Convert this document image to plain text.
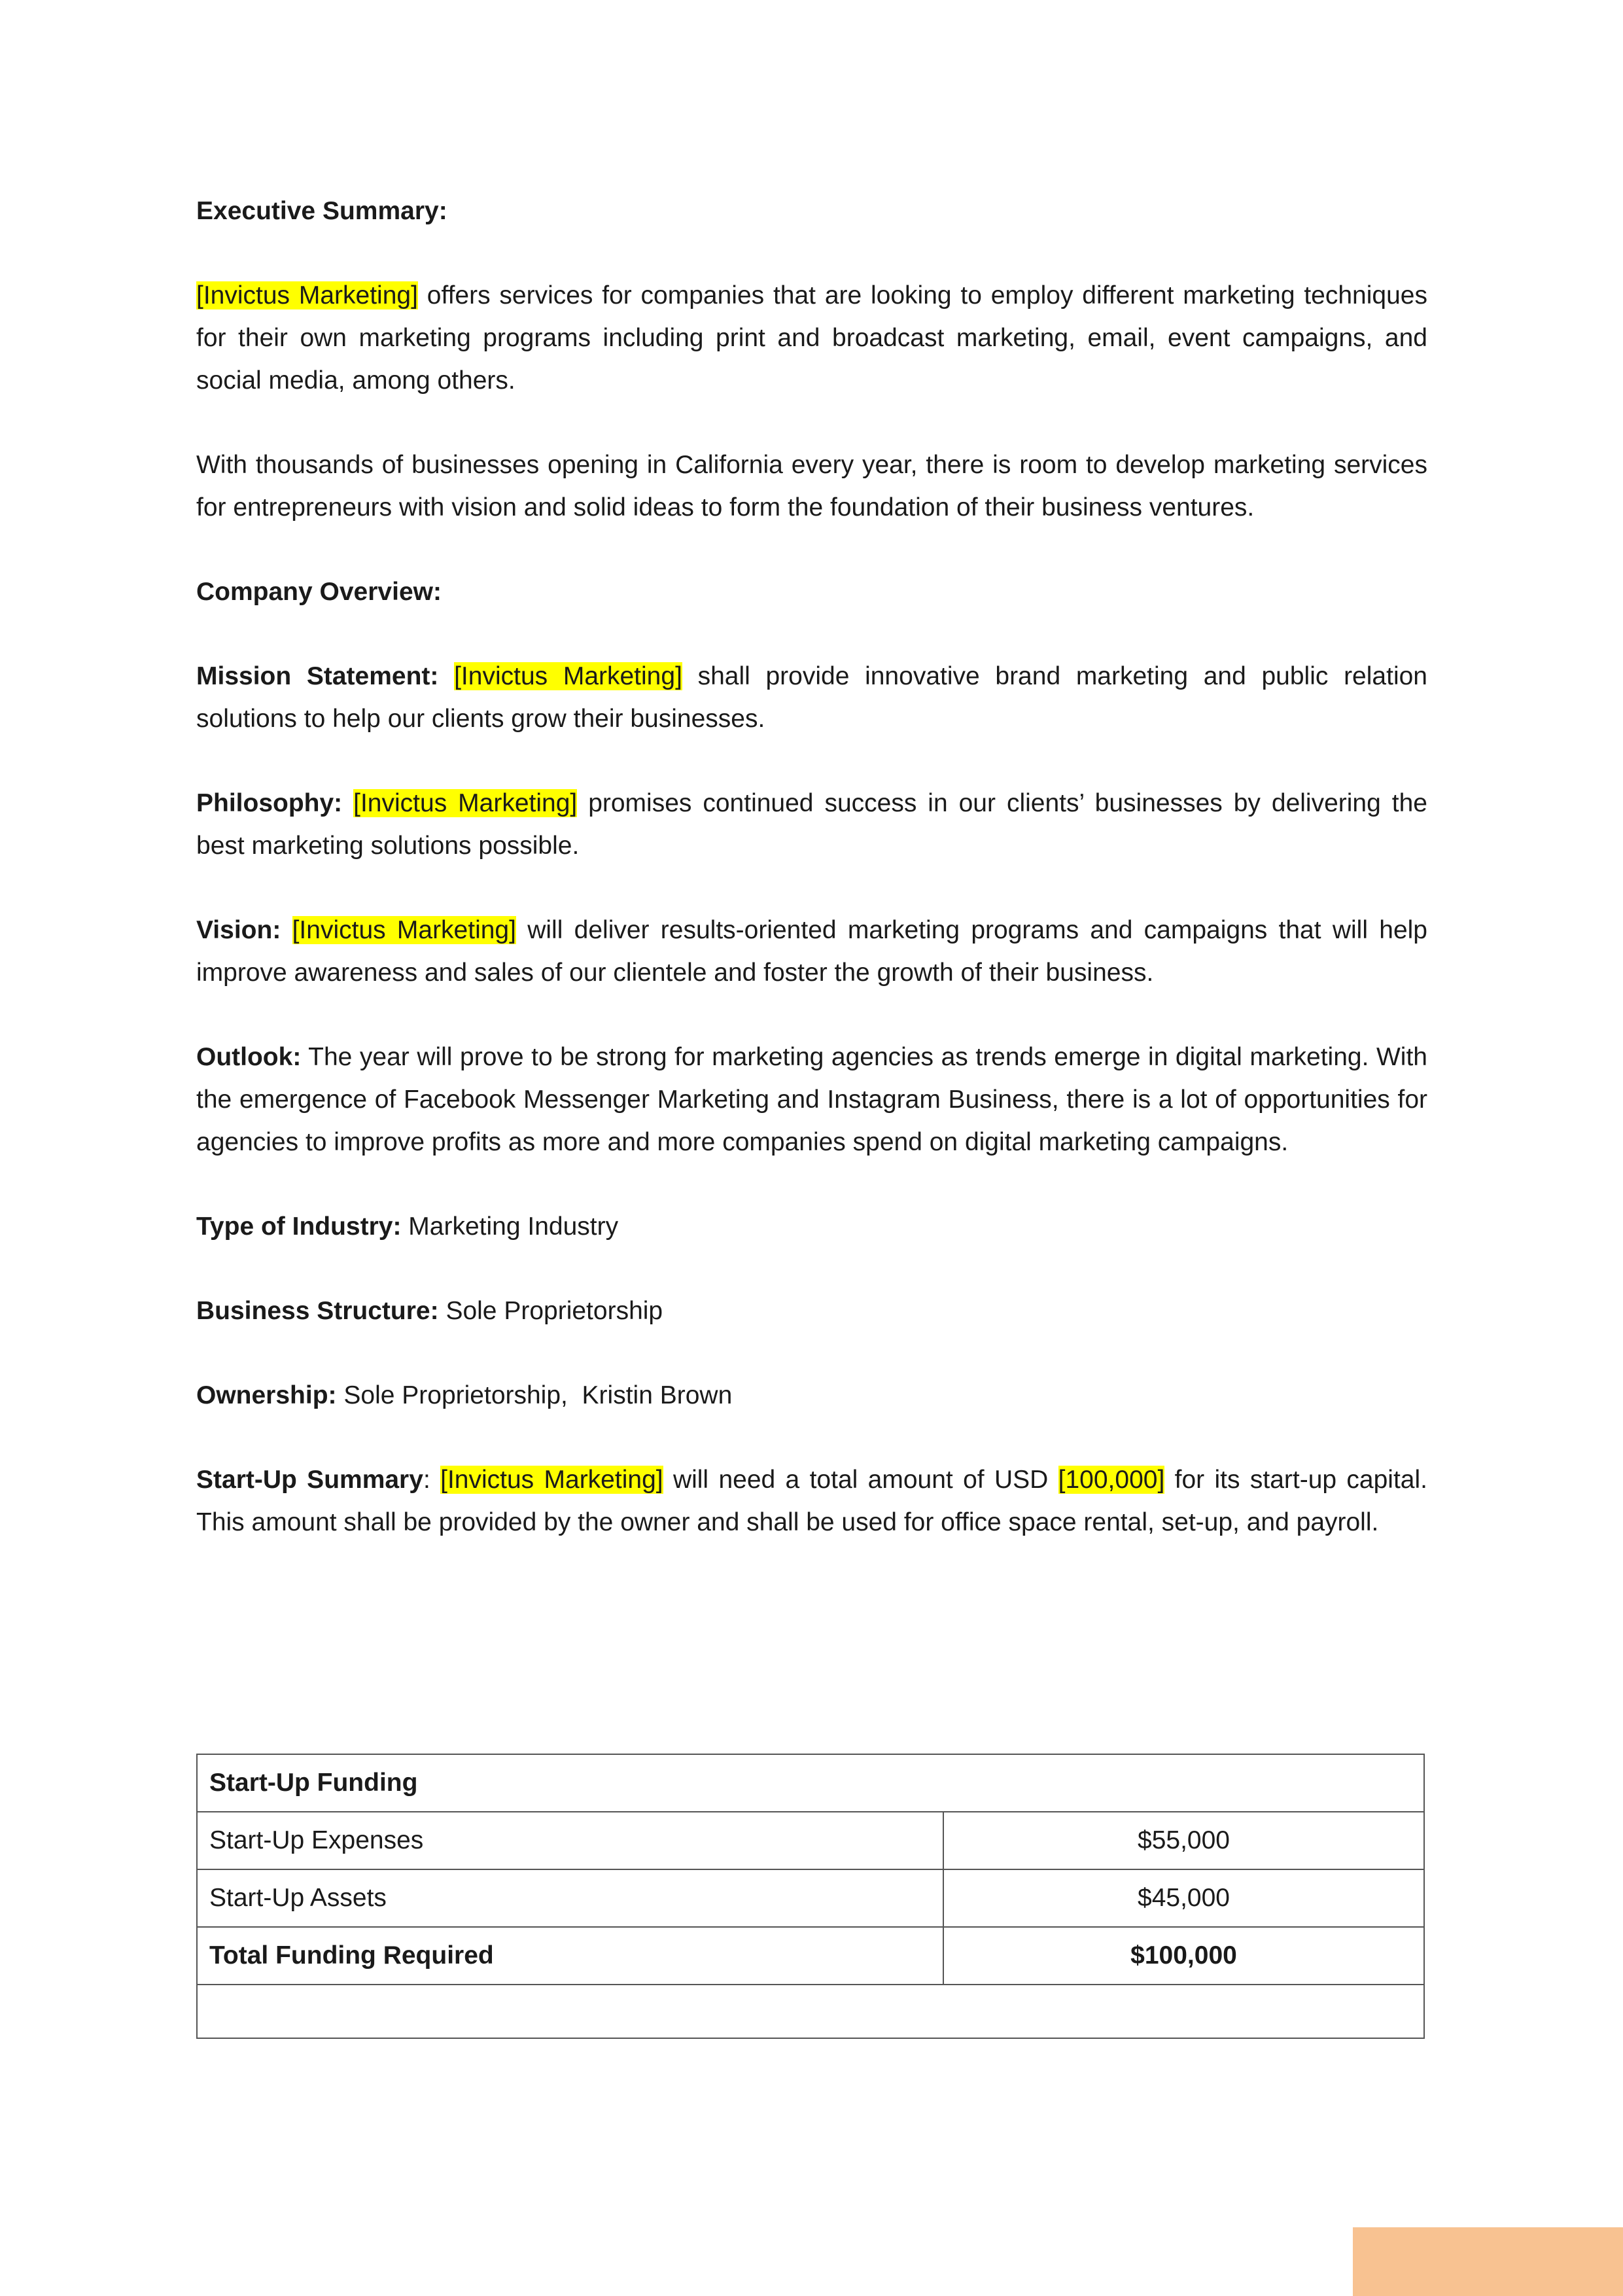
Executive Summary:

[Invictus Marketing] offers services for companies that are looking to employ different marketing techniques for their own marketing programs including print and broadcast marketing, email, event campaigns, and social media, among others.

With thousands of businesses opening in California every year, there is room to develop marketing services for entrepreneurs with vision and solid ideas to form the foundation of their business ventures.

Company Overview:

Mission Statement: [Invictus Marketing] shall provide innovative brand marketing and public relation solutions to help our clients grow their businesses.

Philosophy: [Invictus Marketing] promises continued success in our clients’ businesses by delivering the best marketing solutions possible.

Vision: [Invictus Marketing] will deliver results-oriented marketing programs and campaigns that will help improve awareness and sales of our clientele and foster the growth of their business.

Outlook: The year will prove to be strong for marketing agencies as trends emerge in digital marketing. With the emergence of Facebook Messenger Marketing and Instagram Business, there is a lot of opportunities for agencies to improve profits as more and more companies spend on digital marketing campaigns.

Type of Industry: Marketing Industry

Business Structure: Sole Proprietorship

Ownership: Sole Proprietorship,  Kristin Brown

Start-Up Summary: [Invictus Marketing] will need a total amount of USD [100,000] for its start-up capital. This amount shall be provided by the owner and shall be used for office space rental, set-up, and payroll.

Start-Up Funding	
Start-Up Expenses	$55,000
Start-Up Assets	$45,000
Total Funding Required	$100,000
